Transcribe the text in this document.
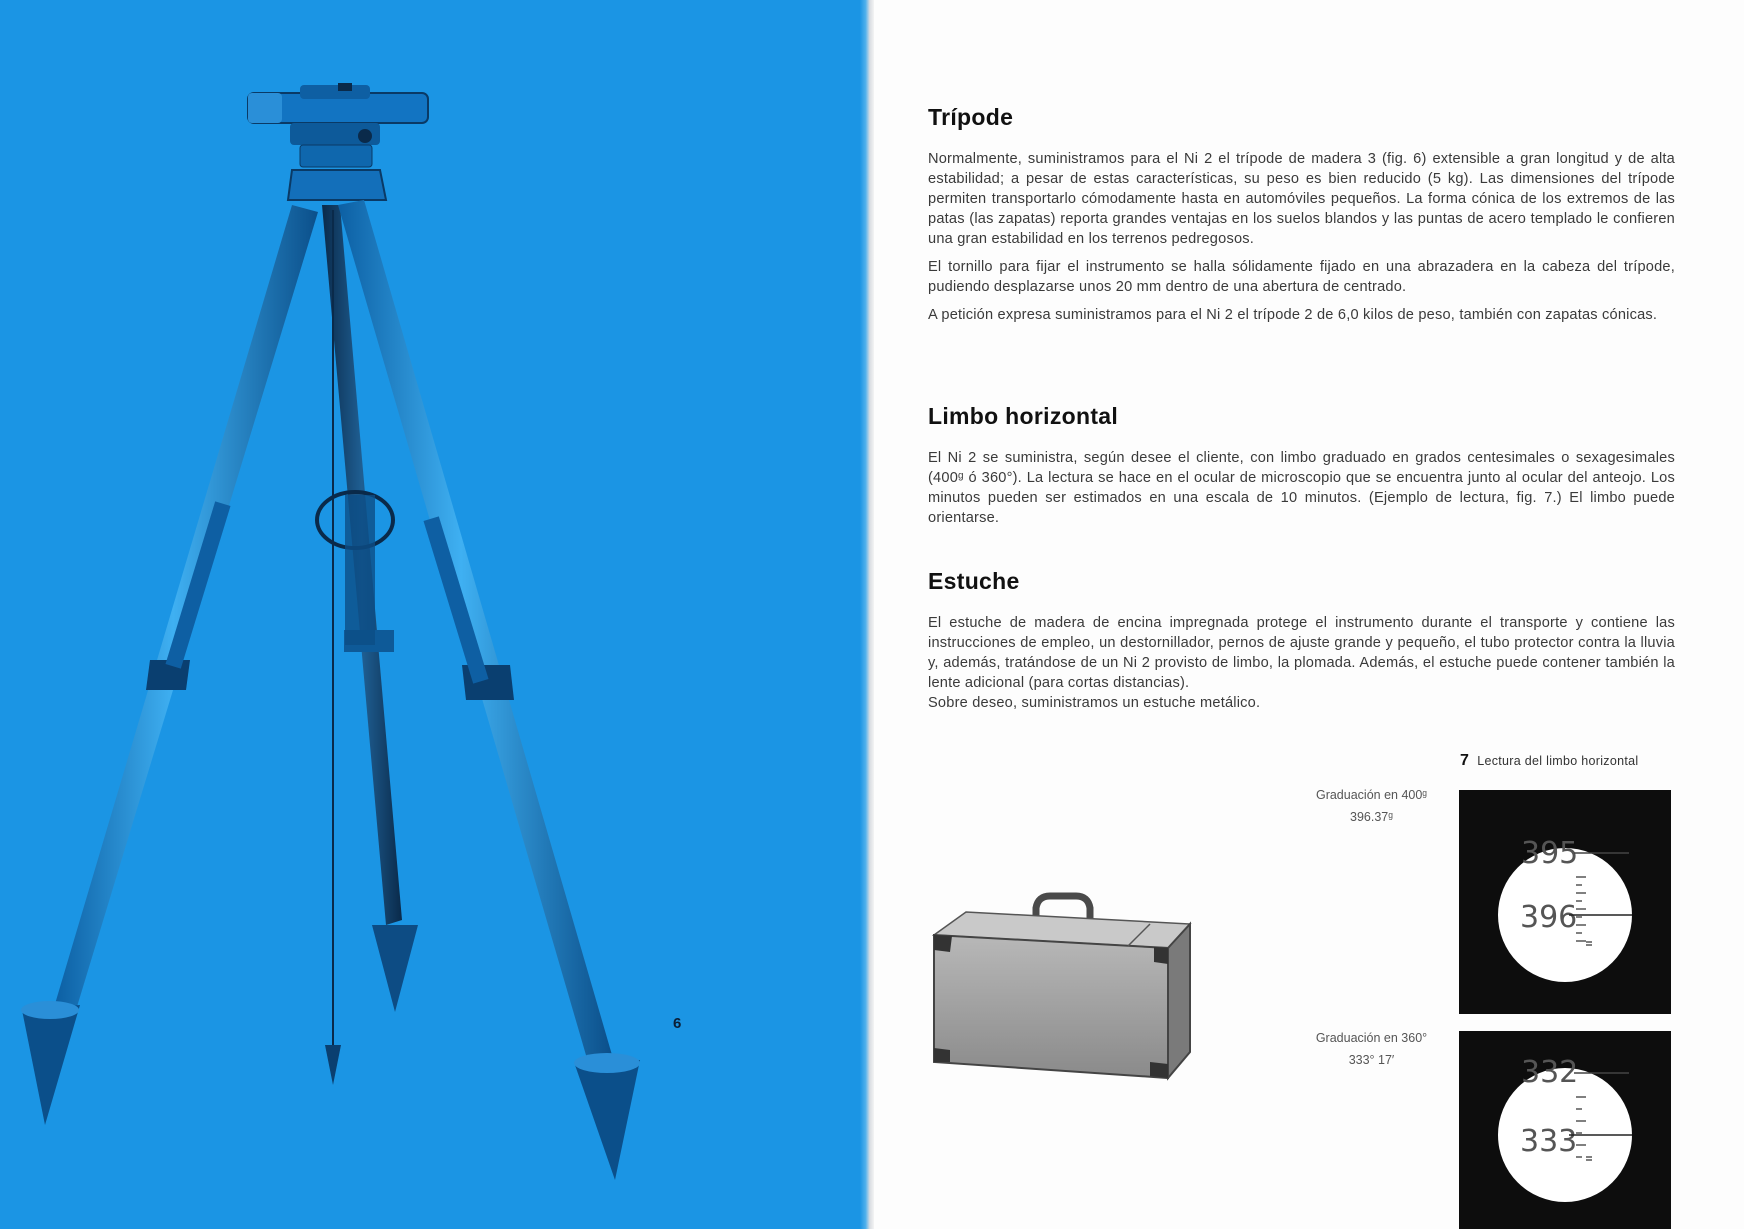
6
Trípode

Normalmente, suministramos para el Ni 2 el trípode de madera 3 (fig. 6) extensible a gran longitud y de alta estabilidad; a pesar de estas características, su peso es bien reducido (5 kg). Las dimensiones del trípode permiten transportarlo cómodamente hasta en automóviles pequeños. La forma cónica de los extremos de las patas (las zapatas) reporta grandes ventajas en los suelos blandos y las puntas de acero templado le confieren una gran estabilidad en los terrenos pedregosos.

El tornillo para fijar el instrumento se halla sólidamente fijado en una abrazadera en la cabeza del trípode, pudiendo desplazarse unos 20 mm dentro de una abertura de centrado.

A petición expresa suministramos para el Ni 2 el trípode 2 de 6,0 kilos de peso, también con zapatas cónicas.

Limbo horizontal

El Ni 2 se suministra, según desee el cliente, con limbo graduado en grados centesimales o sexagesimales (400ᵍ ó 360°). La lectura se hace en el ocular de microscopio que se encuentra junto al ocular del anteojo. Los minutos pueden ser estimados en una escala de 10 minutos. (Ejemplo de lectura, fig. 7.) El limbo puede orientarse.

Estuche

El estuche de madera de encina impregnada protege el instrumento durante el transporte y contiene las instrucciones de empleo, un destornillador, pernos de ajuste grande y pequeño, el tubo protector contra la lluvia y, además, tratándose de un Ni 2 provisto de limbo, la plomada. Además, el estuche puede contener también la lente adicional (para cortas distancias).

Sobre deseo, suministramos un estuche metálico.

7 Lectura del limbo horizontal
Graduación en 400ᵍ
396.37ᵍ
395
396
Graduación en 360°
333° 17′	332
333
